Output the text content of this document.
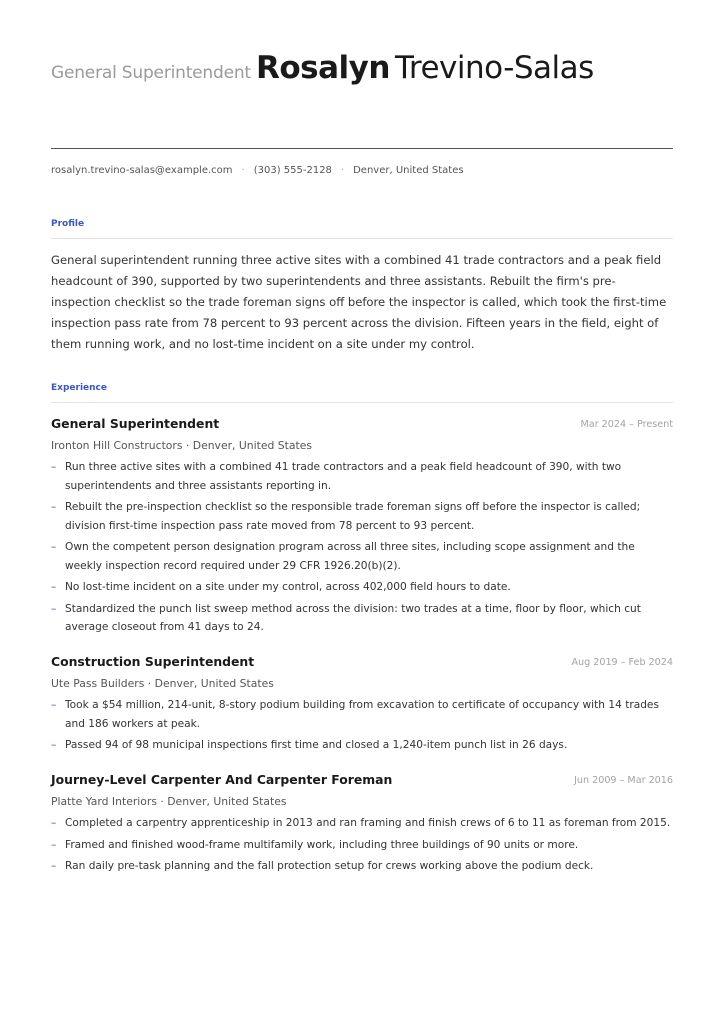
General Superintendent Rosalyn Trevino-Salas
rosalyn.trevino-salas@example.com · (303) 555-2128 · Denver, United States
Profile
General superintendent running three active sites with a combined 41 trade contractors and a peak field headcount of 390, supported by two superintendents and three assistants. Rebuilt the firm's pre-inspection checklist so the trade foreman signs off before the inspector is called, which took the first-time inspection pass rate from 78 percent to 93 percent across the division. Fifteen years in the field, eight of them running work, and no lost-time incident on a site under my control.
Experience
General Superintendent	Mar 2024 – Present
Ironton Hill Constructors · Denver, United States
– Run three active sites with a combined 41 trade contractors and a peak field headcount of 390, with two superintendents and three assistants reporting in.
– Rebuilt the pre-inspection checklist so the responsible trade foreman signs off before the inspector is called; division first-time inspection pass rate moved from 78 percent to 93 percent.
– Own the competent person designation program across all three sites, including scope assignment and the weekly inspection record required under 29 CFR 1926.20(b)(2).
– No lost-time incident on a site under my control, across 402,000 field hours to date.
– Standardized the punch list sweep method across the division: two trades at a time, floor by floor, which cut average closeout from 41 days to 24.
Construction Superintendent	Aug 2019 – Feb 2024
Ute Pass Builders · Denver, United States
– Took a $54 million, 214-unit, 8-story podium building from excavation to certificate of occupancy with 14 trades and 186 workers at peak.
– Passed 94 of 98 municipal inspections first time and closed a 1,240-item punch list in 26 days.
Journey-Level Carpenter And Carpenter Foreman	Jun 2009 – Mar 2016
Platte Yard Interiors · Denver, United States
– Completed a carpentry apprenticeship in 2013 and ran framing and finish crews of 6 to 11 as foreman from 2015.
– Framed and finished wood-frame multifamily work, including three buildings of 90 units or more.
– Ran daily pre-task planning and the fall protection setup for crews working above the podium deck.
